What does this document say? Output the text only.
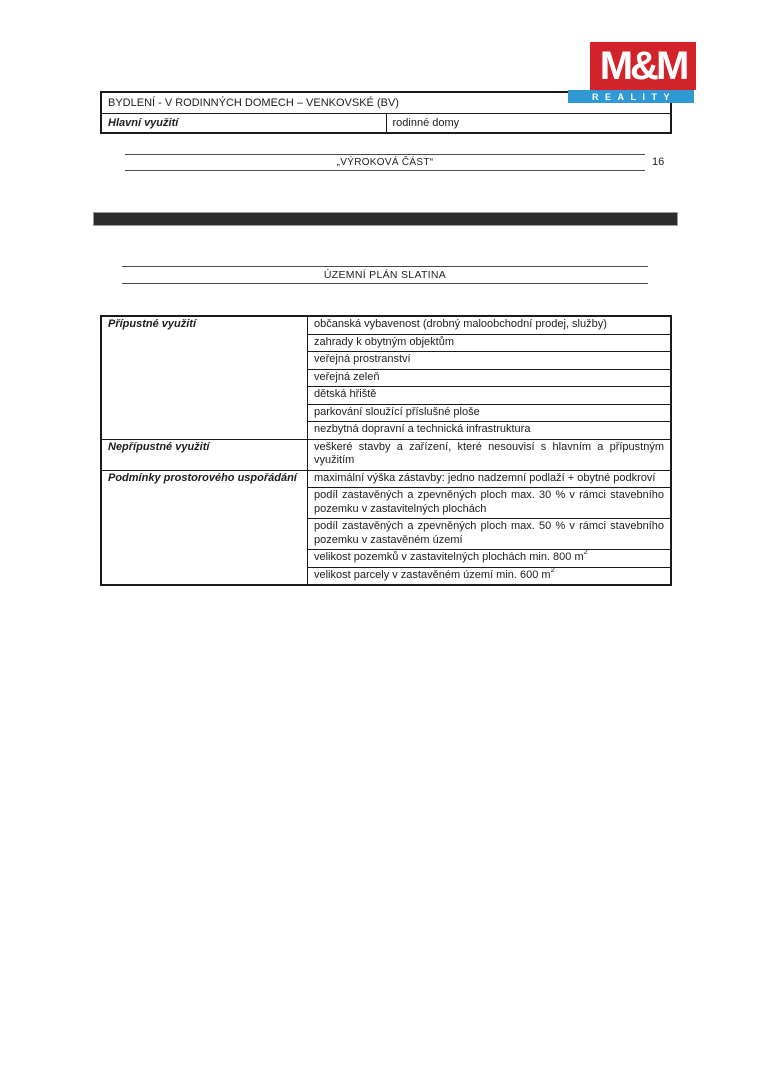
M&M
REALITY
BYDLENÍ - V RODINNÝCH DOMECH – VENKOVSKÉ (BV)
Hlavní využití	rodinné domy
„VÝROKOVÁ ČÁST“	16
ÚZEMNÍ PLÁN SLATINA
Přípustné využití	občanská vybavenost (drobný maloobchodní prodej, služby)
	zahrady k obytným objektům
	veřejná prostranství
	veřejná zeleň
	dětská hřiště
	parkování sloužící příslušné ploše
	nezbytná dopravní a technická infrastruktura
Nepřípustné využití	veškeré stavby a zařízení, které nesouvisí s hlavním a přípustným
využitím

Podmínky prostorového uspořádání	maximální výška zástavby: jedno nadzemní podlaží + obytné podkroví

	podíl zastavěných a zpevněných ploch max. 30 % v rámci stavebního
pozemku v zastavitelných plochách

	podíl zastavěných a zpevněných ploch max. 50 % v rámci stavebního
pozemku v zastavěném území

	velikost pozemků v zastavitelných plochách min. 800 $m^2$
	velikost parcely v zastavěném území min. 600 $m^2$
